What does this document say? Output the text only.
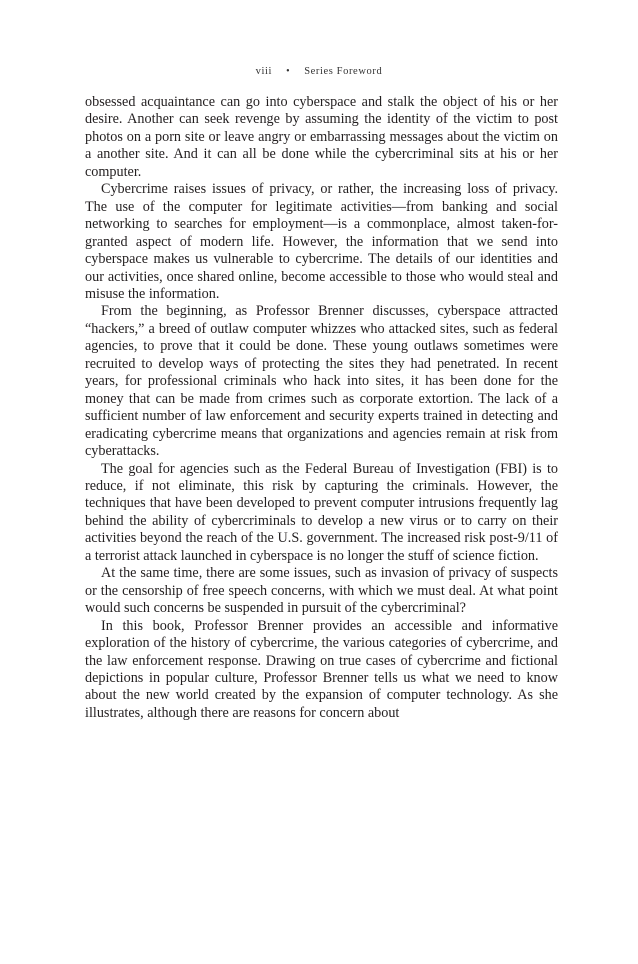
viii • Series Foreword

obsessed acquaintance can go into cyberspace and stalk the object of his or her desire. Another can seek revenge by assuming the identity of the victim to post photos on a porn site or leave angry or embarrassing messages about the victim on a another site. And it can all be done while the cybercriminal sits at his or her computer.

Cybercrime raises issues of privacy, or rather, the increasing loss of privacy. The use of the computer for legitimate activities—from banking and social networking to searches for employment—is a commonplace, almost taken-for-granted aspect of modern life. However, the information that we send into cyberspace makes us vulnerable to cybercrime. The details of our identities and our activities, once shared online, become accessible to those who would steal and misuse the information.

From the beginning, as Professor Brenner discusses, cyberspace attracted “hackers,” a breed of outlaw computer whizzes who attacked sites, such as federal agencies, to prove that it could be done. These young outlaws sometimes were recruited to develop ways of protecting the sites they had penetrated. In recent years, for professional criminals who hack into sites, it has been done for the money that can be made from crimes such as corporate extortion. The lack of a sufficient number of law enforcement and security experts trained in detecting and eradicating cybercrime means that organizations and agencies remain at risk from cyberattacks.

The goal for agencies such as the Federal Bureau of Investigation (FBI) is to reduce, if not eliminate, this risk by capturing the criminals. However, the techniques that have been developed to prevent computer intrusions frequently lag behind the ability of cybercriminals to develop a new virus or to carry on their activities beyond the reach of the U.S. government. The increased risk post-9/11 of a terrorist attack launched in cyberspace is no longer the stuff of science fiction.

At the same time, there are some issues, such as invasion of privacy of suspects or the censorship of free speech concerns, with which we must deal. At what point would such concerns be suspended in pursuit of the cybercriminal?

In this book, Professor Brenner provides an accessible and informative exploration of the history of cybercrime, the various categories of cybercrime, and the law enforcement response. Drawing on true cases of cybercrime and fictional depictions in popular culture, Professor Brenner tells us what we need to know about the new world created by the expansion of computer technology. As she illustrates, although there are reasons for concern about
